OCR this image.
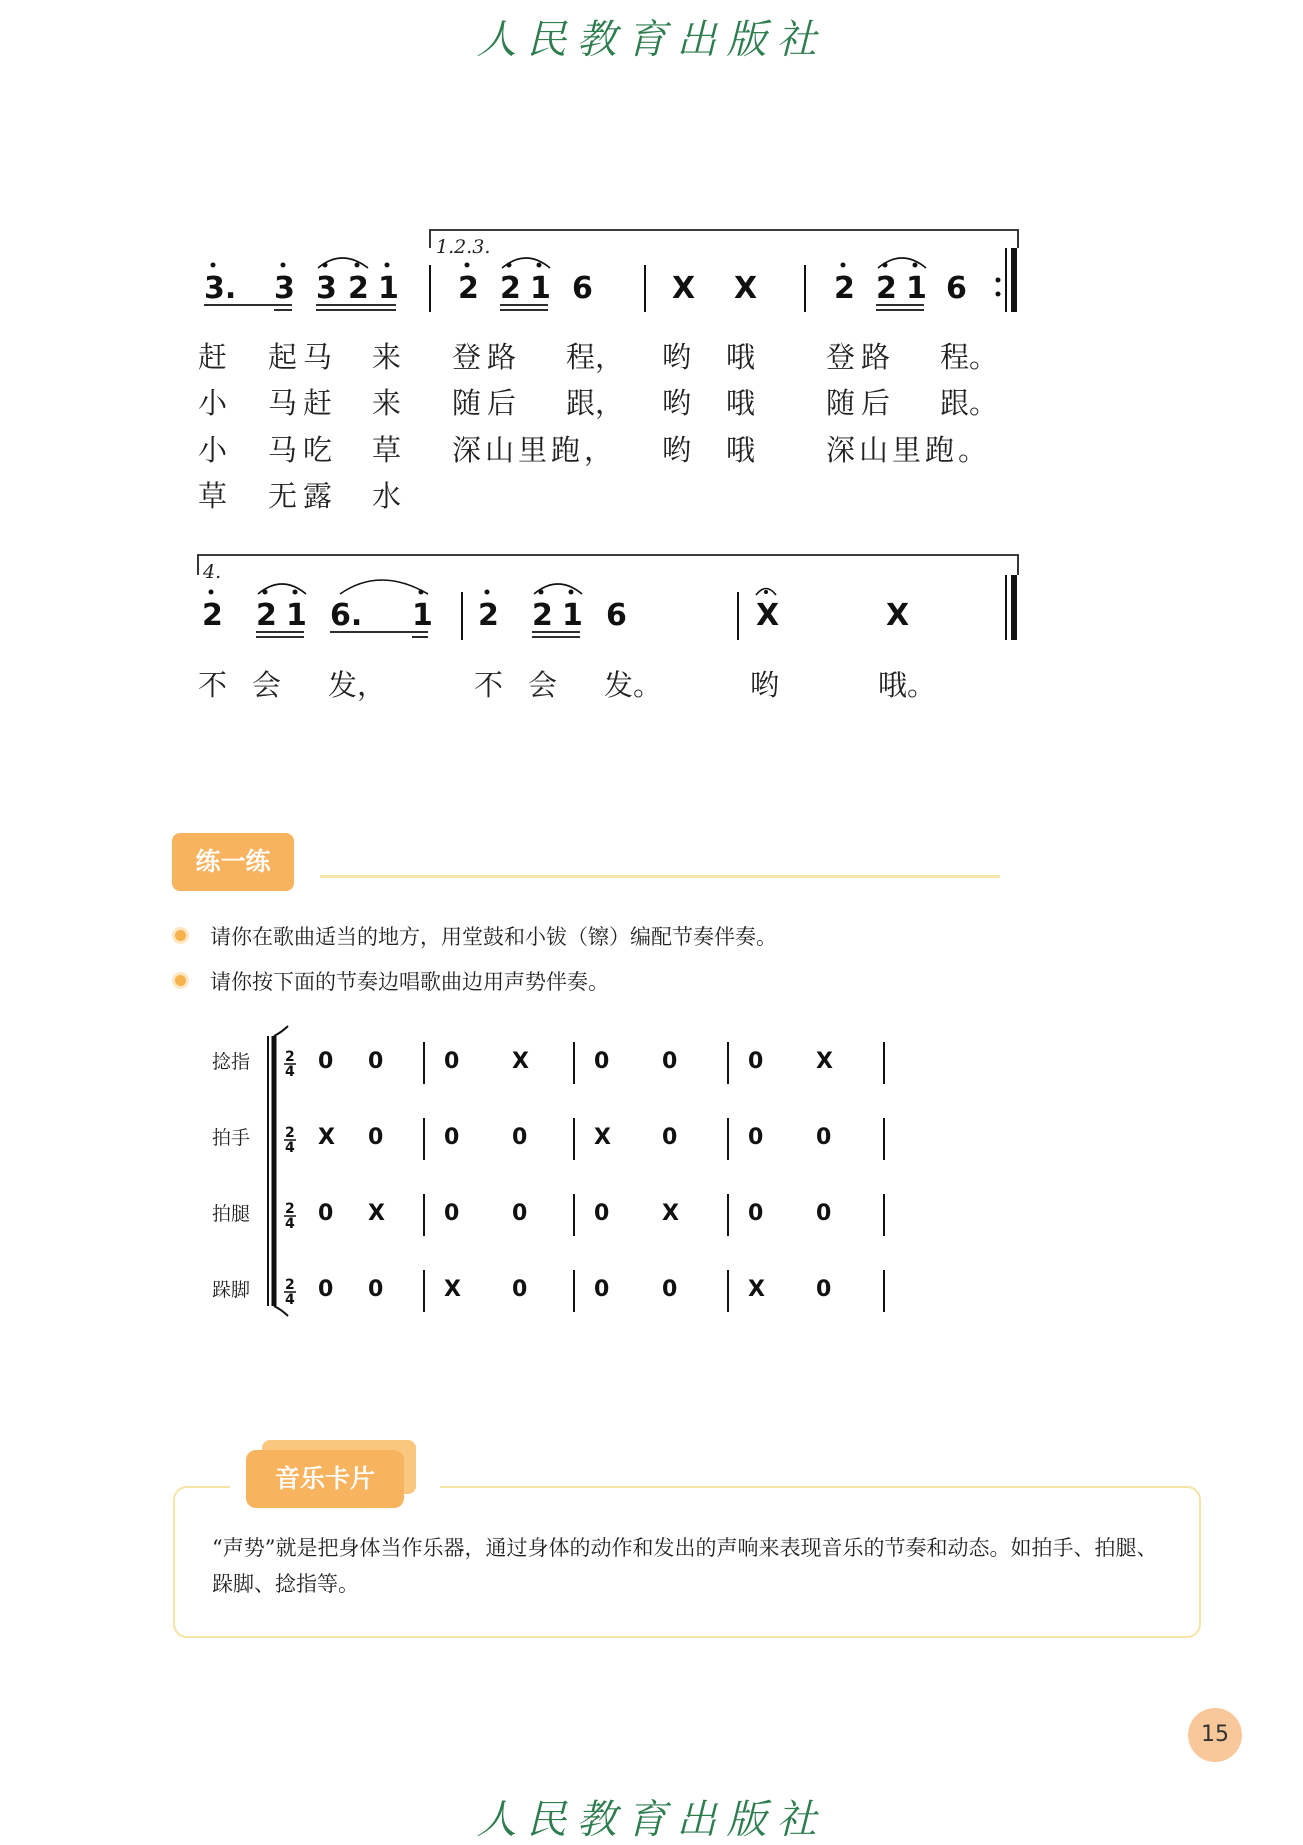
人民教育出版社
1.2.3.
3. 3 3 2 1 2 2 1 6	X X	2 2 1 6
赶 起马 来 登路 程， 哟 哦 登路 程。
小 马赶 来 随后 跟， 哟 哦 随后 跟。
小 马吃 草 深山里跑， 哟 哦 深山里跑。
草 无露 水
4.
2 2 1 6. 1 2 2 1 6	X	X
不 会 发，	不 会 发。	哟	哦。
练一练
请你在歌曲适当的地方，用堂鼓和小钹（镲）编配节奏伴奏。
请你按下面的节奏边唱歌曲边用声势伴奏。
捻指 2
4 0 0	0 X	0 0	0 X
拍手 2
4 X 0	0 0	X 0	0 0
拍腿 2
4 0 X	0 0	0 X	0 0
跺脚 2
4 0 0	X 0	0 0	X 0
音乐卡片
“声势”就是把身体当作乐器，通过身体的动作和发出的声响来表现音乐的节奏和动态。如拍手、拍腿、跺脚、捻指等。
15
人民教育出版社
